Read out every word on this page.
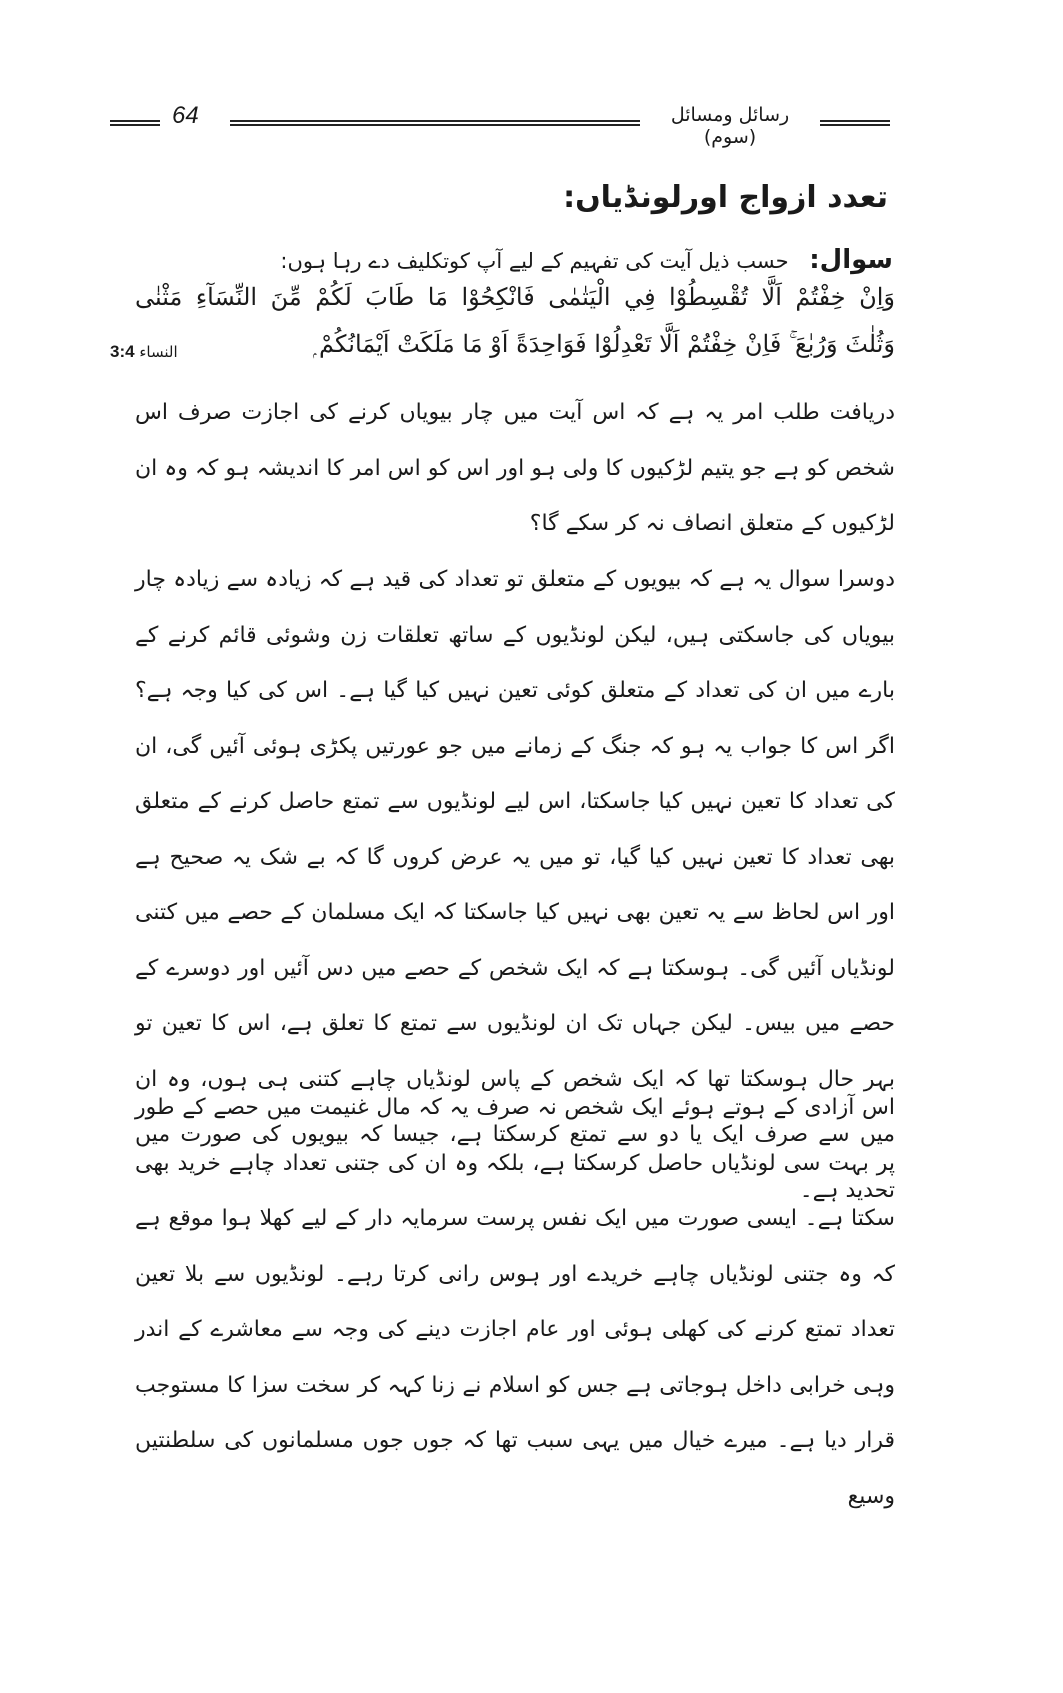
64	رسائل ومسائل (سوم)
تعدد ازواج اورلونڈیاں:
سوال: حسب ذیل آیت کی تفہیم کے لیے آپ کوتکلیف دے رہا ہوں:
وَاِنْ خِفْتُمْ اَلَّا تُقْسِطُوْا فِي الْيَتٰمٰى فَانْكِحُوْا مَا طَابَ لَكُمْ مِّنَ النِّسَآءِ مَثْنٰى
وَثُلٰثَ وَرُبٰعَ ۚ فَاِنْ خِفْتُمْ اَلَّا تَعْدِلُوْا فَوَاحِدَةً اَوْ مَا مَلَكَتْ اَيْمَانُكُمْ ۭ
النساء 3:4

دریافت طلب امر یہ ہے کہ اس آیت میں چار بیویاں کرنے کی اجازت صرف اس شخص کو ہے جو یتیم لڑکیوں کا ولی ہو اور اس کو اس امر کا اندیشہ ہو کہ وہ ان لڑکیوں کے متعلق انصاف نہ کر سکے گا؟

دوسرا سوال یہ ہے کہ بیویوں کے متعلق تو تعداد کی قید ہے کہ زیادہ سے زیادہ چار بیویاں کی جاسکتی ہیں، لیکن لونڈیوں کے ساتھ تعلقات زن وشوئی قائم کرنے کے بارے میں ان کی تعداد کے متعلق کوئی تعین نہیں کیا گیا ہے۔ اس کی کیا وجہ ہے؟ اگر اس کا جواب یہ ہو کہ جنگ کے زمانے میں جو عورتیں پکڑی ہوئی آئیں گی، ان کی تعداد کا تعین نہیں کیا جاسکتا، اس لیے لونڈیوں سے تمتع حاصل کرنے کے متعلق بھی تعداد کا تعین نہیں کیا گیا، تو میں یہ عرض کروں گا کہ بے شک یہ صحیح ہے اور اس لحاظ سے یہ تعین بھی نہیں کیا جاسکتا کہ ایک مسلمان کے حصے میں کتنی لونڈیاں آئیں گی۔ ہوسکتا ہے کہ ایک شخص کے حصے میں دس آئیں اور دوسرے کے حصے میں بیس۔ لیکن جہاں تک ان لونڈیوں سے تمتع کا تعلق ہے، اس کا تعین تو بہر حال ہوسکتا تھا کہ ایک شخص کے پاس لونڈیاں چاہے کتنی ہی ہوں، وہ ان میں سے صرف ایک یا دو سے تمتع کرسکتا ہے، جیسا کہ بیویوں کی صورت میں تحدید ہے۔

اس آزادی کے ہوتے ہوئے ایک شخص نہ صرف یہ کہ مال غنیمت میں حصے کے طور پر بہت سی لونڈیاں حاصل کرسکتا ہے، بلکہ وہ ان کی جتنی تعداد چاہے خرید بھی سکتا ہے۔ ایسی صورت میں ایک نفس پرست سرمایہ دار کے لیے کھلا ہوا موقع ہے کہ وہ جتنی لونڈیاں چاہے خریدے اور ہوس رانی کرتا رہے۔ لونڈیوں سے بلا تعین تعداد تمتع کرنے کی کھلی ہوئی اور عام اجازت دینے کی وجہ سے معاشرے کے اندر وہی خرابی داخل ہوجاتی ہے جس کو اسلام نے زنا کہہ کر سخت سزا کا مستوجب قرار دیا ہے۔ میرے خیال میں یہی سبب تھا کہ جوں جوں مسلمانوں کی سلطنتیں وسیع
